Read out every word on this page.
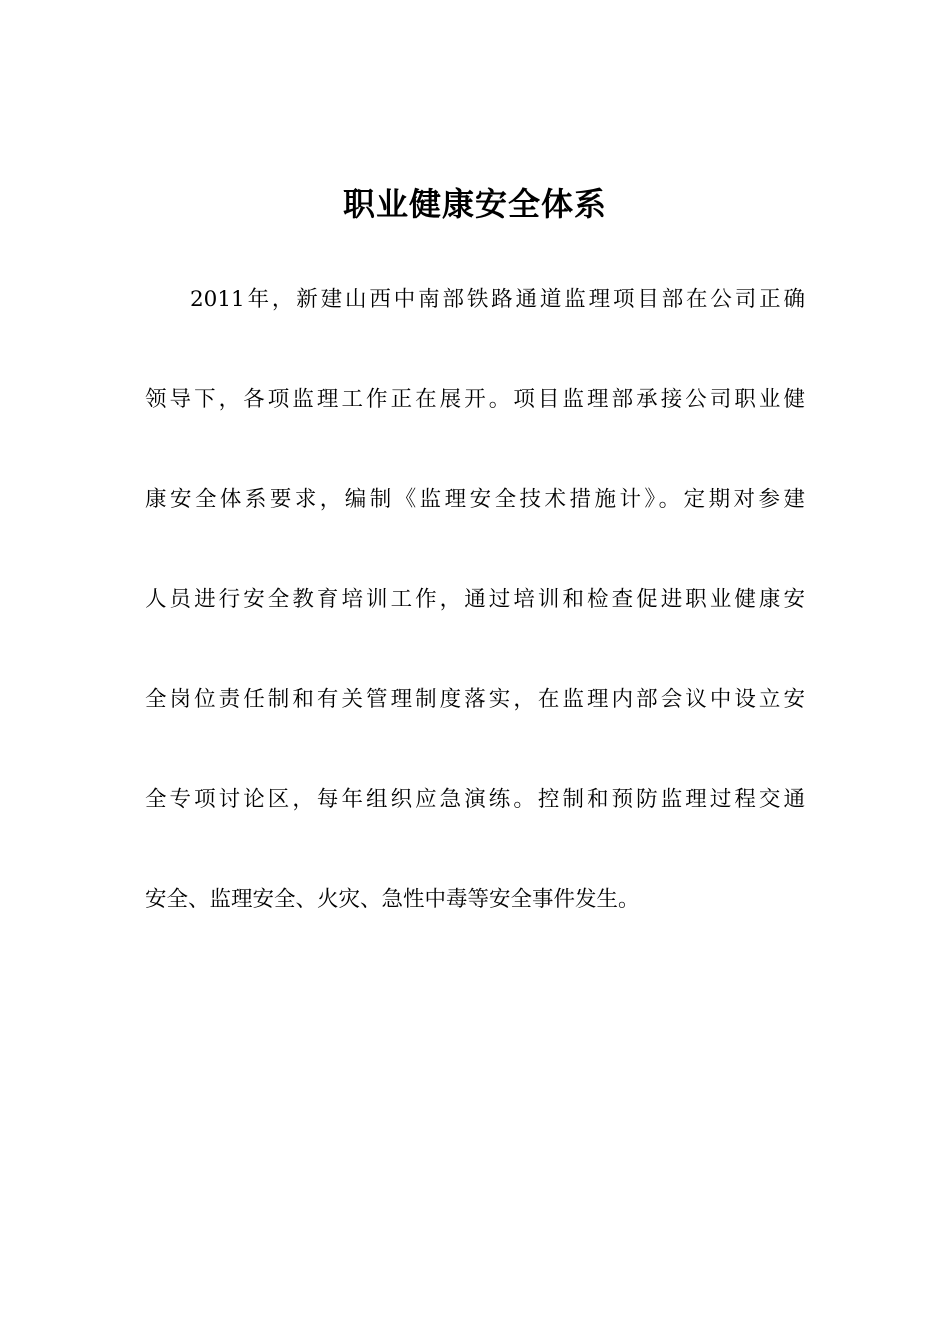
职业健康安全体系
2011年，新建山西中南部铁路通道监理项目部在公司正确
领导下，各项监理工作正在展开。项目监理部承接公司职业健
康安全体系要求，编制《监理安全技术措施计》。定期对参建
人员进行安全教育培训工作，通过培训和检查促进职业健康安
全岗位责任制和有关管理制度落实，在监理内部会议中设立安
全专项讨论区，每年组织应急演练。控制和预防监理过程交通
安全、监理安全、火灾、急性中毒等安全事件发生。
